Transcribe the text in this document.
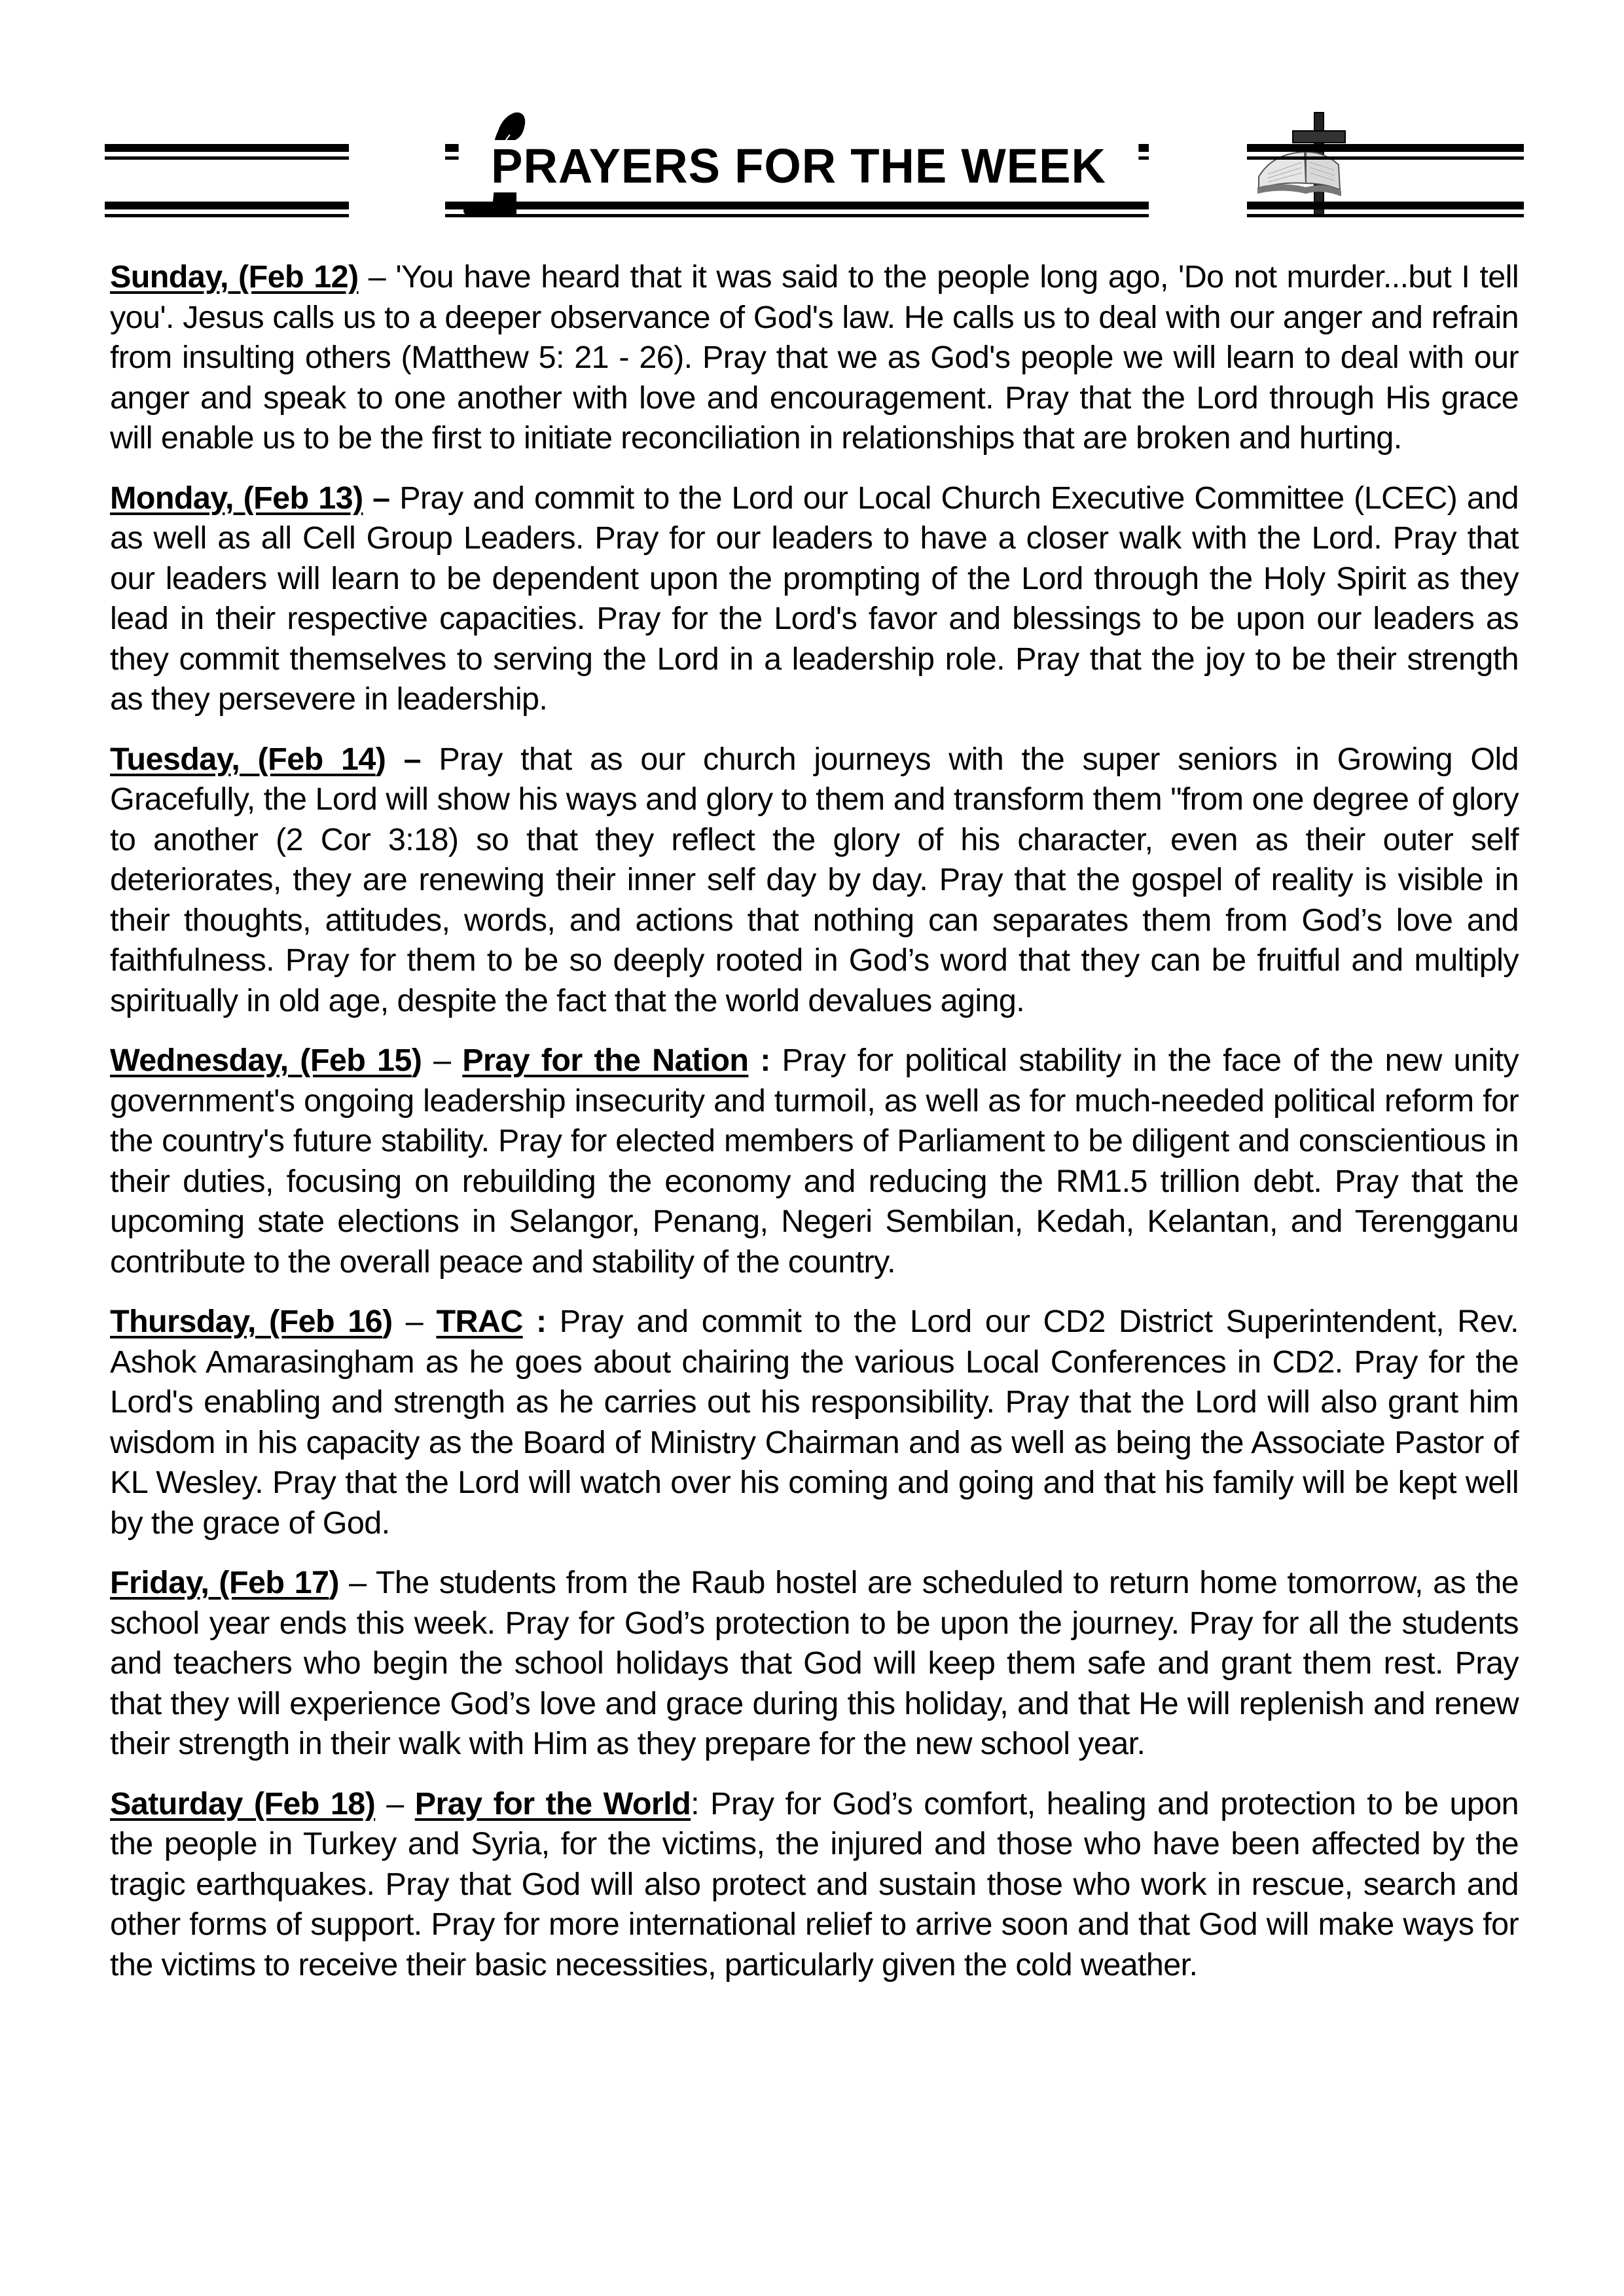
PRAYERS FOR THE WEEK

Sunday, (Feb 12) – 'You have heard that it was said to the people long ago, 'Do not murder...but I tell you'. Jesus calls us to a deeper observance of God's law. He calls us to deal with our anger and refrain from insulting others (Matthew 5: 21 - 26). Pray that we as God's people we will learn to deal with our anger and speak to one another with love and encouragement. Pray that the Lord through His grace will enable us to be the first to initiate reconciliation in relationships that are broken and hurting.

Monday, (Feb 13) – Pray and commit to the Lord our Local Church Executive Committee (LCEC) and as well as all Cell Group Leaders. Pray for our leaders to have a closer walk with the Lord. Pray that our leaders will learn to be dependent upon the prompting of the Lord through the Holy Spirit as they lead in their respective capacities. Pray for the Lord's favor and blessings to be upon our leaders as they commit themselves to serving the Lord in a leadership role. Pray that the joy to be their strength as they persevere in leadership.

Tuesday, (Feb 14) – Pray that as our church journeys with the super seniors in Growing Old Gracefully, the Lord will show his ways and glory to them and transform them "from one degree of glory to another (2 Cor 3:18) so that they reflect the glory of his character, even as their outer self deteriorates, they are renewing their inner self day by day. Pray that the gospel of reality is visible in their thoughts, attitudes, words, and actions that nothing can separates them from God’s love and faithfulness. Pray for them to be so deeply rooted in God’s word that they can be fruitful and multiply spiritually in old age, despite the fact that the world devalues aging.

Wednesday, (Feb 15) – Pray for the Nation : Pray for political stability in the face of the new unity government's ongoing leadership insecurity and turmoil, as well as for much-needed political reform for the country's future stability. Pray for elected members of Parliament to be diligent and conscientious in their duties, focusing on rebuilding the economy and reducing the RM1.5 trillion debt. Pray that the upcoming state elections in Selangor, Penang, Negeri Sembilan, Kedah, Kelantan, and Terengganu contribute to the overall peace and stability of the country.

Thursday, (Feb 16) – TRAC : Pray and commit to the Lord our CD2 District Superintendent, Rev. Ashok Amarasingham as he goes about chairing the various Local Conferences in CD2. Pray for the Lord's enabling and strength as he carries out his responsibility. Pray that the Lord will also grant him wisdom in his capacity as the Board of Ministry Chairman and as well as being the Associate Pastor of KL Wesley. Pray that the Lord will watch over his coming and going and that his family will be kept well by the grace of God.

Friday, (Feb 17) – The students from the Raub hostel are scheduled to return home tomorrow, as the school year ends this week. Pray for God’s protection to be upon the journey. Pray for all the students and teachers who begin the school holidays that God will keep them safe and grant them rest. Pray that they will experience God’s love and grace during this holiday, and that He will replenish and renew their strength in their walk with Him as they prepare for the new school year.

Saturday (Feb 18) – Pray for the World: Pray for God’s comfort, healing and protection to be upon the people in Turkey and Syria, for the victims, the injured and those who have been affected by the tragic earthquakes. Pray that God will also protect and sustain those who work in rescue, search and other forms of support. Pray for more international relief to arrive soon and that God will make ways for the victims to receive their basic necessities, particularly given the cold weather.
